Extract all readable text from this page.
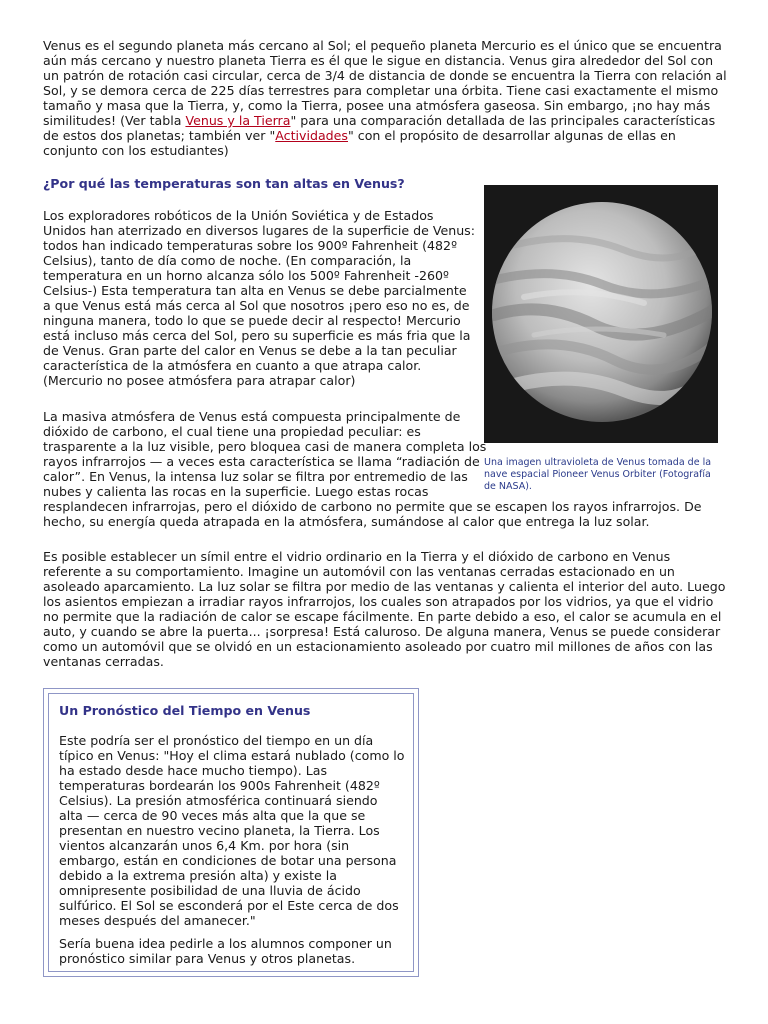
Venus es el segundo planeta más cercano al Sol; el pequeño planeta Mercurio es el único que se encuentra aún más cercano y nuestro planeta Tierra es él que le sigue en distancia. Venus gira alrededor del Sol con un patrón de rotación casi circular, cerca de 3/4 de distancia de donde se encuentra la Tierra con relación al Sol, y se demora cerca de 225 días terrestres para completar una órbita. Tiene casi exactamente el mismo tamaño y masa que la Tierra, y, como la Tierra, posee una atmósfera gaseosa. Sin embargo, ¡no hay más similitudes! (Ver tabla Venus y la Tierra" para una comparación detallada de las principales características de estos dos planetas; también ver "Actividades" con el propósito de desarrollar algunas de ellas en conjunto con los estudiantes)

¿Por qué las temperaturas son tan altas en Venus?

Los exploradores robóticos de la Unión Soviética y de Estados Unidos han aterrizado en diversos lugares de la superficie de Venus: todos han indicado temperaturas sobre los 900º Fahrenheit (482º Celsius), tanto de día como de noche. (En comparación, la temperatura en un horno alcanza sólo los 500º Fahrenheit -260º Celsius-) Esta temperatura tan alta en Venus se debe parcialmente a que Venus está más cerca al Sol que nosotros ¡pero eso no es, de ninguna manera, todo lo que se puede decir al respecto! Mercurio está incluso más cerca del Sol, pero su superficie es más fria que la de Venus. Gran parte del calor en Venus se debe a la tan peculiar característica de la atmósfera en cuanto a que atrapa calor. (Mercurio no posee atmósfera para atrapar calor)

Una imagen ultravioleta de Venus tomada de la nave espacial Pioneer Venus Orbiter (Fotografía de NASA).
La masiva atmósfera de Venus está compuesta principalmente de
dióxido de carbono, el cual tiene una propiedad peculiar: es
trasparente a la luz visible, pero bloquea casi de manera completa los
rayos infrarrojos — a veces esta característica se llama “radiación de
calor”. En Venus, la intensa luz solar se filtra por entremedio de las
nubes y calienta las rocas en la superficie. Luego estas rocas
resplandecen infrarrojas, pero el dióxido de carbono no permite que se escapen los rayos infrarrojos. De
hecho, su energía queda atrapada en la atmósfera, sumándose al calor que entrega la luz solar.

Es posible establecer un símil entre el vidrio ordinario en la Tierra y el dióxido de carbono en Venus referente a su comportamiento. Imagine un automóvil con las ventanas cerradas estacionado en un asoleado aparcamiento. La luz solar se filtra por medio de las ventanas y calienta el interior del auto. Luego los asientos empiezan a irradiar rayos infrarrojos, los cuales son atrapados por los vidrios, ya que el vidrio no permite que la radiación de calor se escape fácilmente. En parte debido a eso, el calor se acumula en el auto, y cuando se abre la puerta... ¡sorpresa! Está caluroso. De alguna manera, Venus se puede considerar como un automóvil que se olvidó en un estacionamiento asoleado por cuatro mil millones de años con las ventanas cerradas.

Un Pronóstico del Tiempo en Venus

Este podría ser el pronóstico del tiempo en un día típico en Venus: "Hoy el clima estará nublado (como lo ha estado desde hace mucho tiempo). Las temperaturas bordearán los 900s Fahrenheit (482º Celsius). La presión atmosférica continuará siendo alta — cerca de 90 veces más alta que la que se presentan en nuestro vecino planeta, la Tierra. Los vientos alcanzarán unos 6,4 Km. por hora (sin embargo, están en condiciones de botar una persona debido a la extrema presión alta) y existe la omnipresente posibilidad de una lluvia de ácido sulfúrico. El Sol se esconderá por el Este cerca de dos meses después del amanecer."

Sería buena idea pedirle a los alumnos componer un pronóstico similar para Venus y otros planetas.
